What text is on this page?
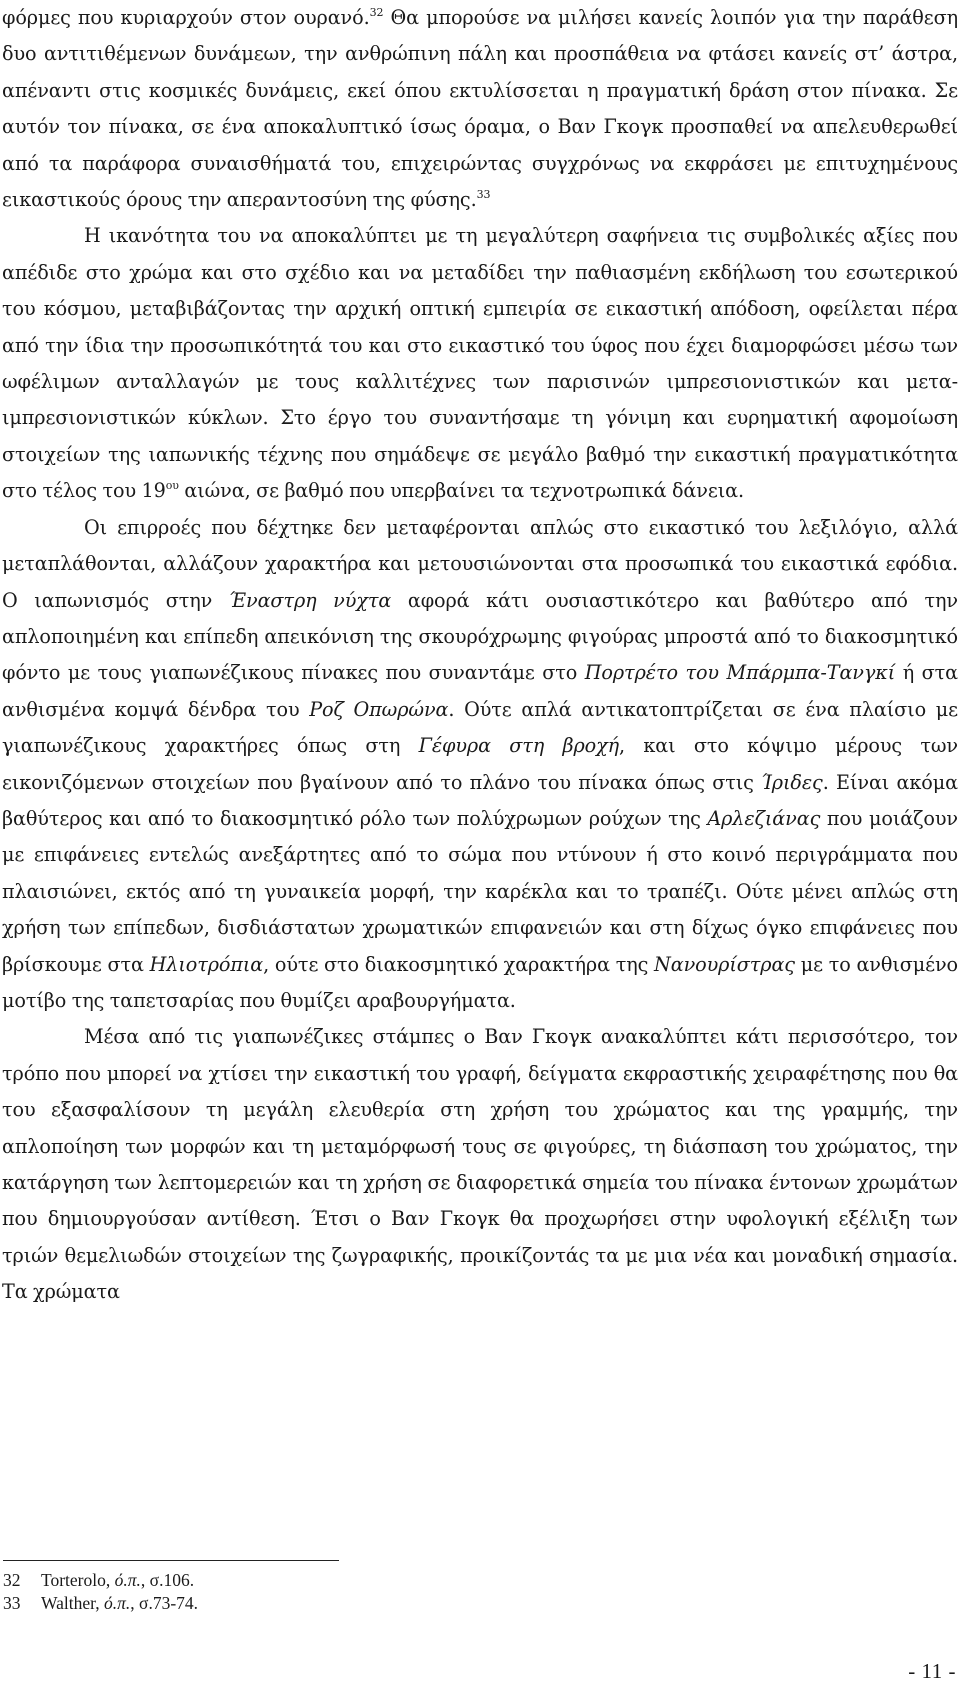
φόρμες που κυριαρχούν στον ουρανό.$^{32}$ Θα μπορούσε να μιλήσει κανείς λοιπόν για την παράθεση δυο αντιτιθέμενων δυνάμεων, την ανθρώπινη πάλη και προσπάθεια να φτάσει κανείς στ’ άστρα, απέναντι στις κοσμικές δυνάμεις, εκεί όπου εκτυλίσσεται η πραγματική δράση στον πίνακα. Σε αυτόν τον πίνακα, σε ένα αποκαλυπτικό ίσως όραμα, ο Βαν Γκογκ προσπαθεί να απελευθερωθεί από τα παράφορα συναισθήματά του, επιχειρώντας συγχρόνως να εκφράσει με επιτυχημένους εικαστικούς όρους την απεραντοσύνη της φύσης.$^{33}$

Η ικανότητα του να αποκαλύπτει με τη μεγαλύτερη σαφήνεια τις συμβολικές αξίες που απέδιδε στο χρώμα και στο σχέδιο και να μεταδίδει την παθιασμένη εκδήλωση του εσωτερικού του κόσμου, μεταβιβάζοντας την αρχική οπτική εμπειρία σε εικαστική απόδοση, οφείλεται πέρα από την ίδια την προσωπικότητά του και στο εικαστικό του ύφος που έχει διαμορφώσει μέσω των ωφέλιμων ανταλλαγών με τους καλλιτέχνες των παρισινών ιμπρεσιονιστικών και μετα-ιμπρεσιονιστικών κύκλων. Στο έργο του συναντήσαμε τη γόνιμη και ευρηματική αφομοίωση στοιχείων της ιαπωνικής τέχνης που σημάδεψε σε μεγάλο βαθμό την εικαστική πραγματικότητα στο τέλος του $19^{o\upsilon}$ αιώνα, σε βαθμό που υπερβαίνει τα τεχνοτρωπικά δάνεια.

Οι επιρροές που δέχτηκε δεν μεταφέρονται απλώς στο εικαστικό του λεξιλόγιο, αλλά μεταπλάθονται, αλλάζουν χαρακτήρα και μετουσιώνονται στα προσωπικά του εικαστικά εφόδια. Ο ιαπωνισμός στην Έναστρη νύχτα αφορά κάτι ουσιαστικότερο και βαθύτερο από την απλοποιημένη και επίπεδη απεικόνιση της σκουρόχρωμης φιγούρας μπροστά από το διακοσμητικό φόντο με τους γιαπωνέζικους πίνακες που συναντάμε στο Πορτρέτο του Μπάρμπα-Τανγκί ή στα ανθισμένα κομψά δένδρα του Ροζ Οπωρώνα. Ούτε απλά αντικατοπτρίζεται σε ένα πλαίσιο με γιαπωνέζικους χαρακτήρες όπως στη Γέφυρα στη βροχή, και στο κόψιμο μέρους των εικονιζόμενων στοιχείων που βγαίνουν από το πλάνο του πίνακα όπως στις Ίριδες. Είναι ακόμα βαθύτερος και από το διακοσμητικό ρόλο των πολύχρωμων ρούχων της Αρλεζιάνας που μοιάζουν με επιφάνειες εντελώς ανεξάρτητες από το σώμα που ντύνουν ή στο κοινό περιγράμματα που πλαισιώνει, εκτός από τη γυναικεία μορφή, την καρέκλα και το τραπέζι. Ούτε μένει απλώς στη χρήση των επίπεδων, δισδιάστατων χρωματικών επιφανειών και στη δίχως όγκο επιφάνειες που βρίσκουμε στα Ηλιοτρόπια, ούτε στο διακοσμητικό χαρακτήρα της Νανουρίστρας με το ανθισμένο μοτίβο της ταπετσαρίας που θυμίζει αραβουργήματα.

Μέσα από τις γιαπωνέζικες στάμπες ο Βαν Γκογκ ανακαλύπτει κάτι περισσότερο, τον τρόπο που μπορεί να χτίσει την εικαστική του γραφή, δείγματα εκφραστικής χειραφέτησης που θα του εξασφαλίσουν τη μεγάλη ελευθερία στη χρήση του χρώματος και της γραμμής, την απλοποίηση των μορφών και τη μεταμόρφωσή τους σε φιγούρες, τη διάσπαση του χρώματος, την κατάργηση των λεπτομερειών και τη χρήση σε διαφορετικά σημεία του πίνακα έντονων χρωμάτων που δημιουργούσαν αντίθεση. Έτσι ο Βαν Γκογκ θα προχωρήσει στην υφολογική εξέλιξη των τριών θεμελιωδών στοιχείων της ζωγραφικής, προικίζοντάς τα με μια νέα και μοναδική σημασία. Τα χρώματα

32	Torterolo, ό.π., σ.106.
33	Walther, ό.π., σ.73-74.
- 11 -
